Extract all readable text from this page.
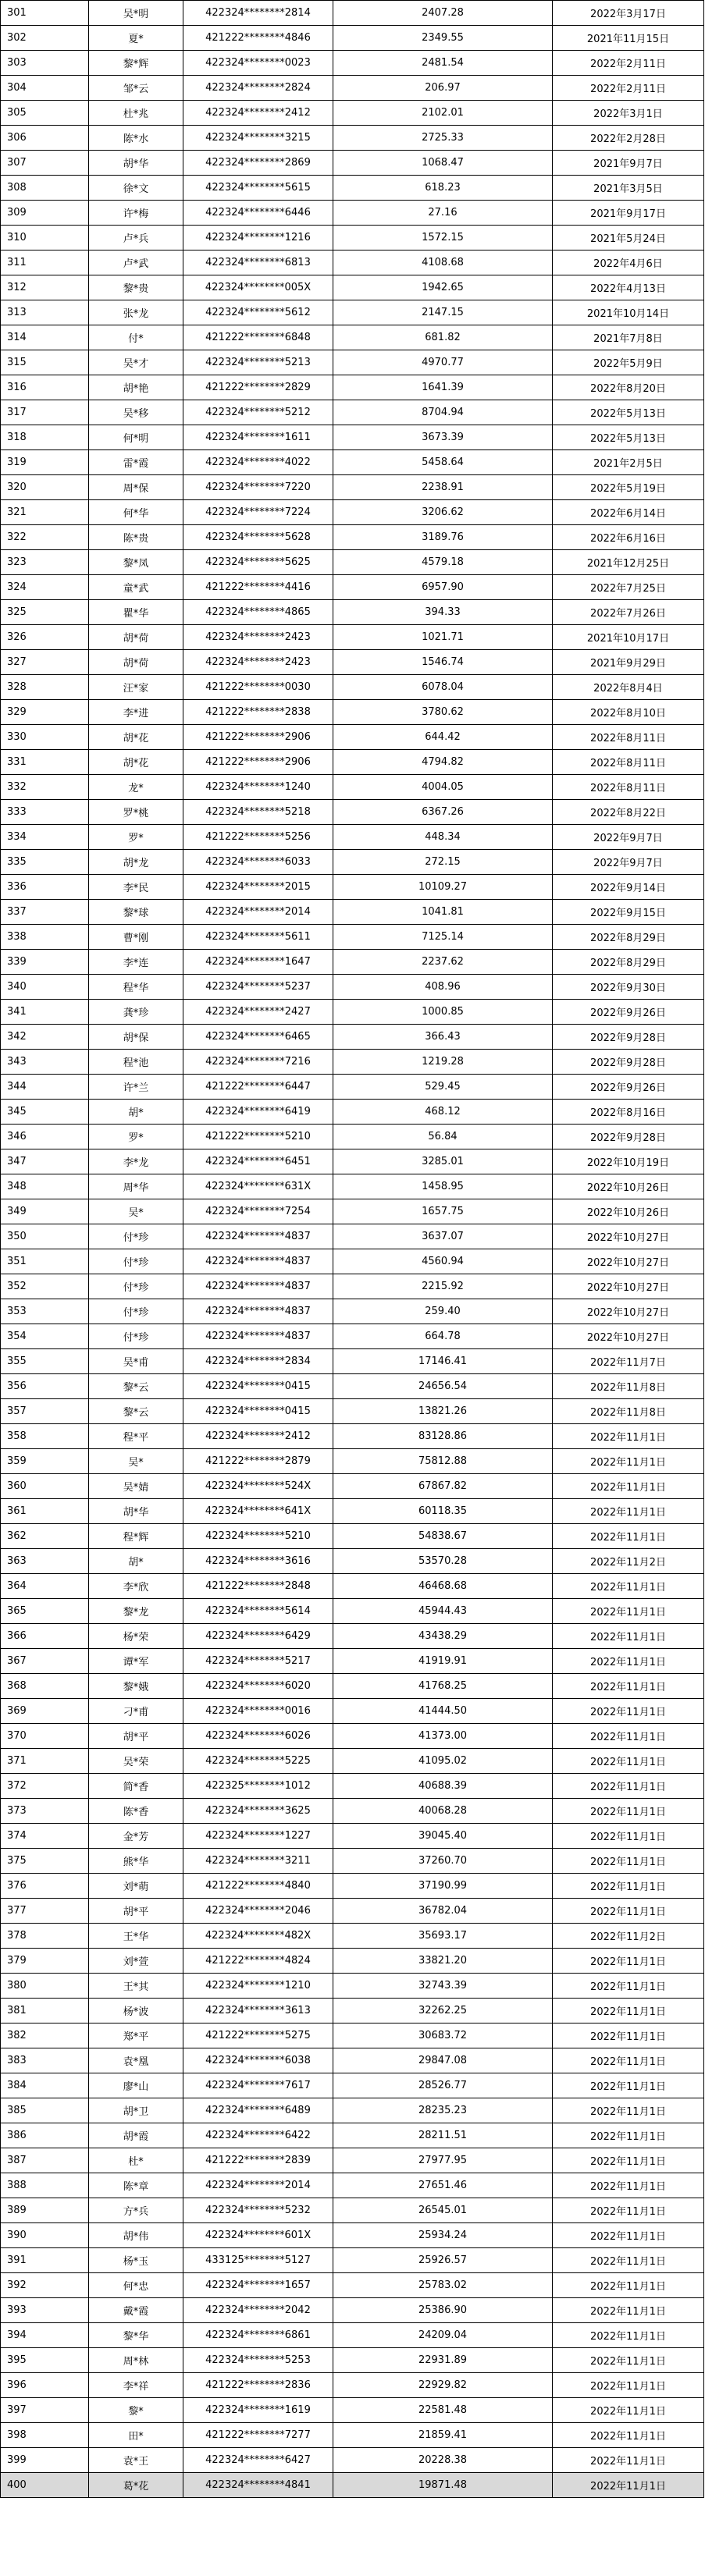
301	吴*明	422324********2814	2407.28	2022年3月17日
302	夏*	421222********4846	2349.55	2021年11月15日
303	黎*辉	422324********0023	2481.54	2022年2月11日
304	邹*云	422324********2824	206.97	2022年2月11日
305	杜*兆	422324********2412	2102.01	2022年3月1日
306	陈*水	422324********3215	2725.33	2022年2月28日
307	胡*华	422324********2869	1068.47	2021年9月7日
308	徐*文	422324********5615	618.23	2021年3月5日
309	许*梅	422324********6446	27.16	2021年9月17日
310	卢*兵	422324********1216	1572.15	2021年5月24日
311	卢*武	422324********6813	4108.68	2022年4月6日
312	黎*贵	422324********005X	1942.65	2022年4月13日
313	张*龙	422324********5612	2147.15	2021年10月14日
314	付*	421222********6848	681.82	2021年7月8日
315	吴*才	422324********5213	4970.77	2022年5月9日
316	胡*艳	421222********2829	1641.39	2022年8月20日
317	吴*移	422324********5212	8704.94	2022年5月13日
318	何*明	422324********1611	3673.39	2022年5月13日
319	雷*霞	422324********4022	5458.64	2021年2月5日
320	周*保	422324********7220	2238.91	2022年5月19日
321	何*华	422324********7224	3206.62	2022年6月14日
322	陈*贵	422324********5628	3189.76	2022年6月16日
323	黎*凤	422324********5625	4579.18	2021年12月25日
324	童*武	421222********4416	6957.90	2022年7月25日
325	瞿*华	422324********4865	394.33	2022年7月26日
326	胡*荷	422324********2423	1021.71	2021年10月17日
327	胡*荷	422324********2423	1546.74	2021年9月29日
328	汪*家	421222********0030	6078.04	2022年8月4日
329	李*进	421222********2838	3780.62	2022年8月10日
330	胡*花	421222********2906	644.42	2022年8月11日
331	胡*花	421222********2906	4794.82	2022年8月11日
332	龙*	422324********1240	4004.05	2022年8月11日
333	罗*桃	422324********5218	6367.26	2022年8月22日
334	罗*	421222********5256	448.34	2022年9月7日
335	胡*龙	422324********6033	272.15	2022年9月7日
336	李*民	422324********2015	10109.27	2022年9月14日
337	黎*球	422324********2014	1041.81	2022年9月15日
338	曹*刚	422324********5611	7125.14	2022年8月29日
339	李*连	422324********1647	2237.62	2022年8月29日
340	程*华	422324********5237	408.96	2022年9月30日
341	龚*珍	422324********2427	1000.85	2022年9月26日
342	胡*保	422324********6465	366.43	2022年9月28日
343	程*池	422324********7216	1219.28	2022年9月28日
344	许*兰	421222********6447	529.45	2022年9月26日
345	胡*	422324********6419	468.12	2022年8月16日
346	罗*	421222********5210	56.84	2022年9月28日
347	李*龙	422324********6451	3285.01	2022年10月19日
348	周*华	422324********631X	1458.95	2022年10月26日
349	吴*	422324********7254	1657.75	2022年10月26日
350	付*珍	422324********4837	3637.07	2022年10月27日
351	付*珍	422324********4837	4560.94	2022年10月27日
352	付*珍	422324********4837	2215.92	2022年10月27日
353	付*珍	422324********4837	259.40	2022年10月27日
354	付*珍	422324********4837	664.78	2022年10月27日
355	吴*甫	422324********2834	17146.41	2022年11月7日
356	黎*云	422324********0415	24656.54	2022年11月8日
357	黎*云	422324********0415	13821.26	2022年11月8日
358	程*平	422324********2412	83128.86	2022年11月1日
359	吴*	421222********2879	75812.88	2022年11月1日
360	吴*婧	422324********524X	67867.82	2022年11月1日
361	胡*华	422324********641X	60118.35	2022年11月1日
362	程*辉	422324********5210	54838.67	2022年11月1日
363	胡*	422324********3616	53570.28	2022年11月2日
364	李*欣	421222********2848	46468.68	2022年11月1日
365	黎*龙	422324********5614	45944.43	2022年11月1日
366	杨*荣	422324********6429	43438.29	2022年11月1日
367	谭*军	422324********5217	41919.91	2022年11月1日
368	黎*娥	422324********6020	41768.25	2022年11月1日
369	刁*甫	422324********0016	41444.50	2022年11月1日
370	胡*平	422324********6026	41373.00	2022年11月1日
371	吴*荣	422324********5225	41095.02	2022年11月1日
372	简*香	422325********1012	40688.39	2022年11月1日
373	陈*香	422324********3625	40068.28	2022年11月1日
374	金*芳	422324********1227	39045.40	2022年11月1日
375	熊*华	422324********3211	37260.70	2022年11月1日
376	刘*萌	421222********4840	37190.99	2022年11月1日
377	胡*平	422324********2046	36782.04	2022年11月1日
378	王*华	422324********482X	35693.17	2022年11月2日
379	刘*萱	421222********4824	33821.20	2022年11月1日
380	王*其	422324********1210	32743.39	2022年11月1日
381	杨*波	422324********3613	32262.25	2022年11月1日
382	郑*平	421222********5275	30683.72	2022年11月1日
383	袁*凰	422324********6038	29847.08	2022年11月1日
384	廖*山	422324********7617	28526.77	2022年11月1日
385	胡*卫	422324********6489	28235.23	2022年11月1日
386	胡*霞	422324********6422	28211.51	2022年11月1日
387	杜*	421222********2839	27977.95	2022年11月1日
388	陈*章	422324********2014	27651.46	2022年11月1日
389	方*兵	422324********5232	26545.01	2022年11月1日
390	胡*伟	422324********601X	25934.24	2022年11月1日
391	杨*玉	433125********5127	25926.57	2022年11月1日
392	何*忠	422324********1657	25783.02	2022年11月1日
393	戴*霞	422324********2042	25386.90	2022年11月1日
394	黎*华	422324********6861	24209.04	2022年11月1日
395	周*林	422324********5253	22931.89	2022年11月1日
396	李*祥	421222********2836	22929.82	2022年11月1日
397	黎*	422324********1619	22581.48	2022年11月1日
398	田*	421222********7277	21859.41	2022年11月1日
399	袁*王	422324********6427	20228.38	2022年11月1日
400	葛*花	422324********4841	19871.48	2022年11月1日
